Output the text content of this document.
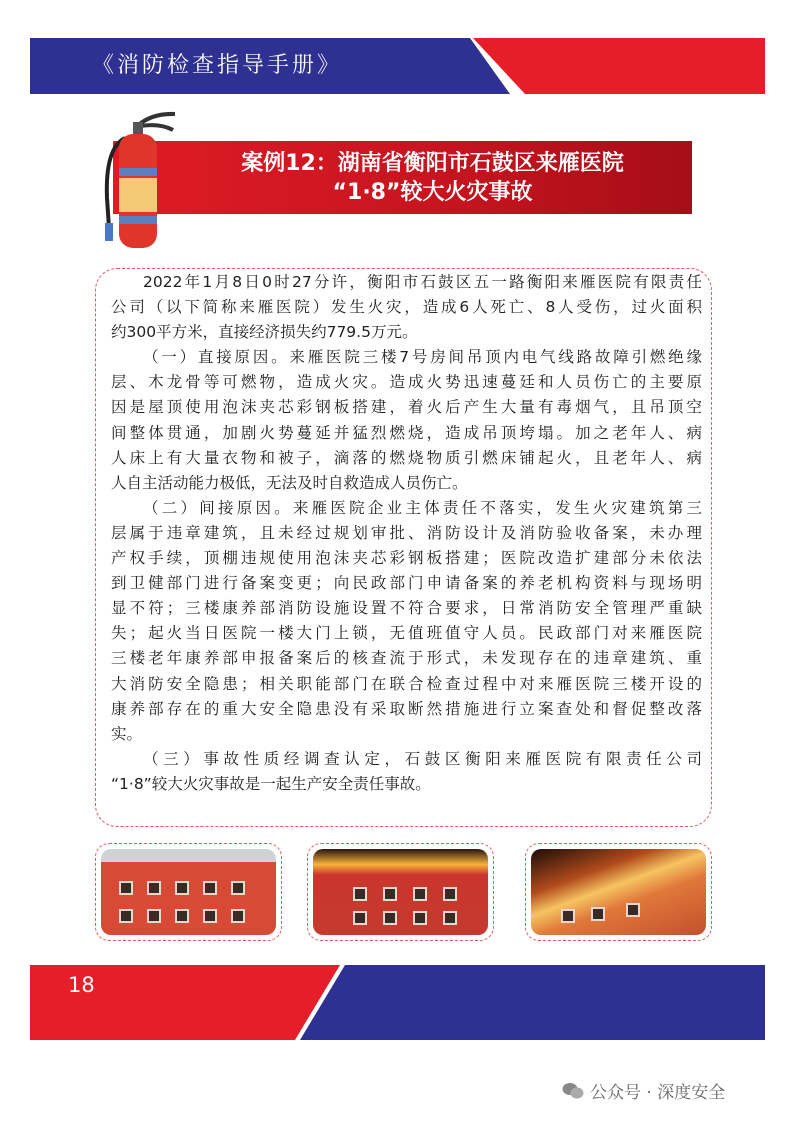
《消防检查指导手册》
案例12：湖南省衡阳市石鼓区来雁医院
“1·8”较大火灾事故
2022年1月8日0时27分许，衡阳市石鼓区五一路衡阳来雁医院有限责任
公司（以下简称来雁医院）发生火灾，造成6人死亡、8人受伤，过火面积
约300平方米，直接经济损失约779.5万元。
（一）直接原因。来雁医院三楼7号房间吊顶内电气线路故障引燃绝缘
层、木龙骨等可燃物，造成火灾。造成火势迅速蔓廷和人员伤亡的主要原
因是屋顶使用泡沫夹芯彩钢板搭建，着火后产生大量有毒烟气，且吊顶空
间整体贯通，加剧火势蔓延并猛烈燃烧，造成吊顶垮塌。加之老年人、病
人床上有大量衣物和被子，滴落的燃烧物质引燃床铺起火，且老年人、病
人自主活动能力极低，无法及时自救造成人员伤亡。
（二）间接原因。来雁医院企业主体责任不落实，发生火灾建筑第三
层属于违章建筑，且未经过规划审批、消防设计及消防验收备案，未办理
产权手续，顶棚违规使用泡沫夹芯彩钢板搭建；医院改造扩建部分未依法
到卫健部门进行备案变更；向民政部门申请备案的养老机构资料与现场明
显不符；三楼康养部消防设施设置不符合要求，日常消防安全管理严重缺
失；起火当日医院一楼大门上锁，无值班值守人员。民政部门对来雁医院
三楼老年康养部申报备案后的核查流于形式，未发现存在的违章建筑、重
大消防安全隐患；相关职能部门在联合检查过程中对来雁医院三楼开设的
康养部存在的重大安全隐患没有采取断然措施进行立案查处和督促整改落
实。
（三）事故性质经调查认定，石鼓区衡阳来雁医院有限责任公司
“1·8”较大火灾事故是一起生产安全责任事故。
18
公众号 · 深度安全
